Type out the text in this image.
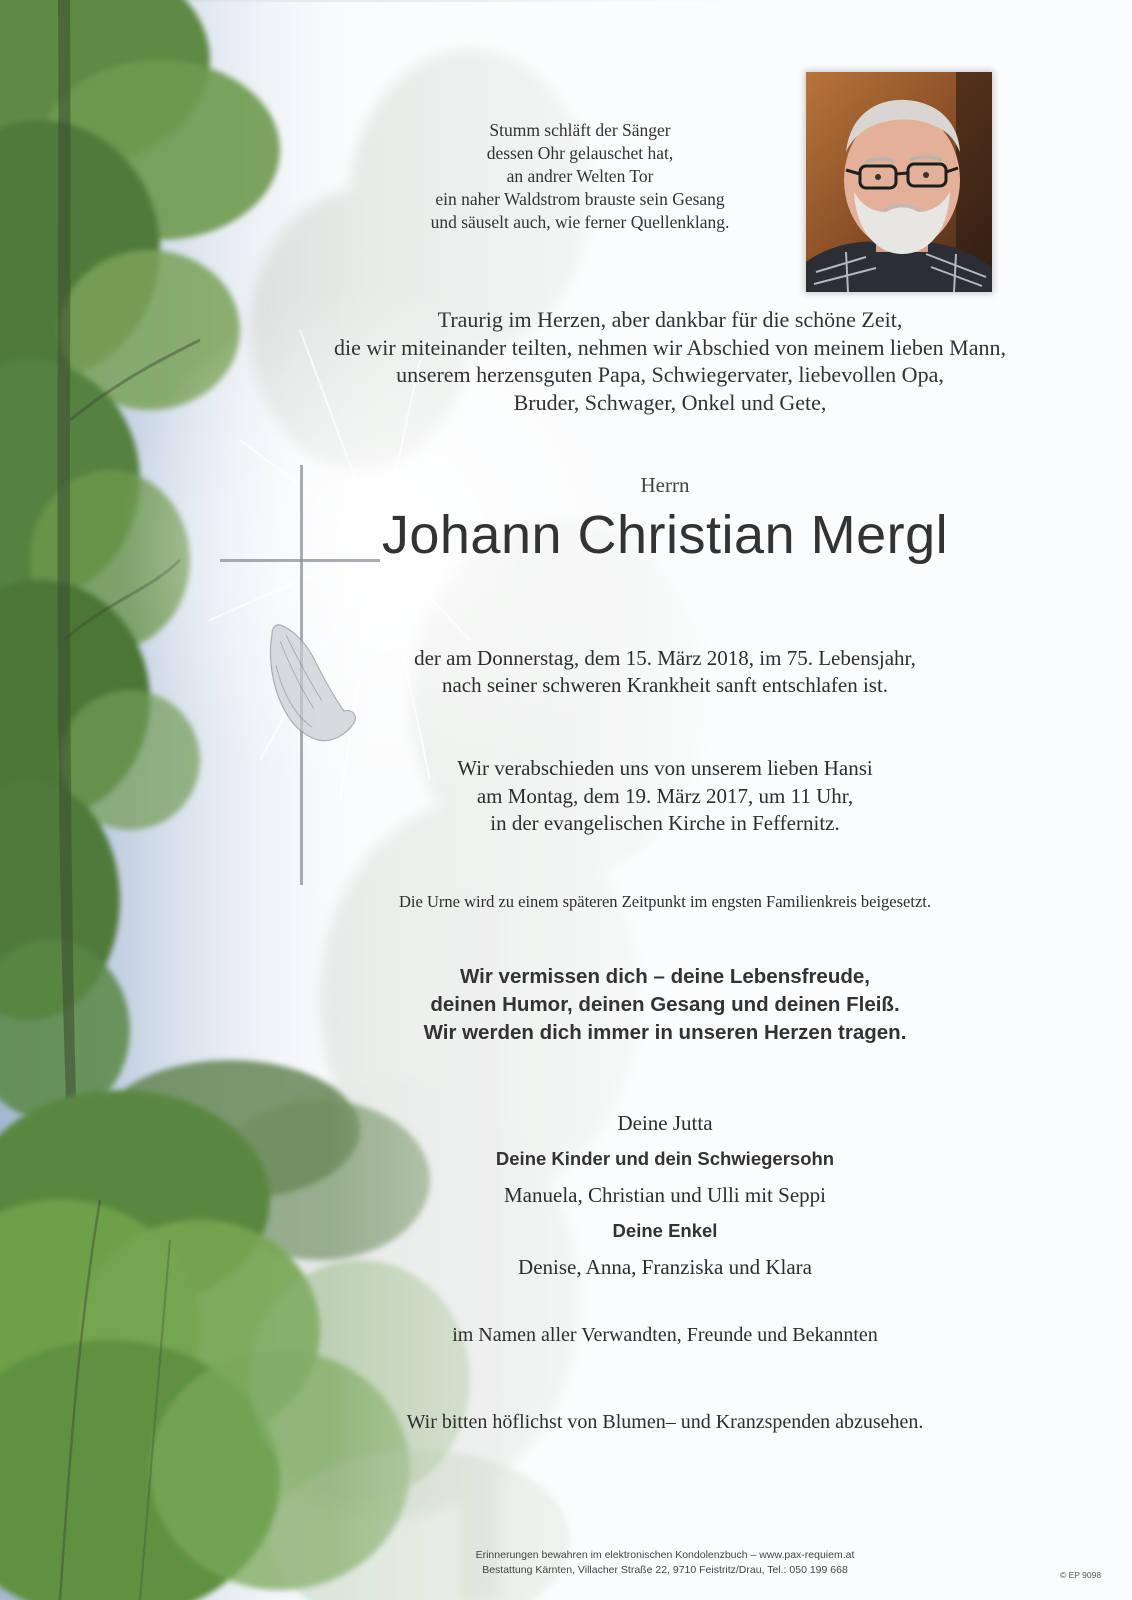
Stumm schläft der Sänger
dessen Ohr gelauschet hat,
an andrer Welten Tor
ein naher Waldstrom brauste sein Gesang
und säuselt auch, wie ferner Quellenklang.
Traurig im Herzen, aber dankbar für die schöne Zeit,
die wir miteinander teilten, nehmen wir Abschied von meinem lieben Mann,
unserem herzensguten Papa, Schwiegervater, liebevollen Opa,
Bruder, Schwager, Onkel und Gete,
Herrn
Johann Christian Mergl
der am Donnerstag, dem 15. März 2018, im 75. Lebensjahr,
nach seiner schweren Krankheit sanft entschlafen ist.
Wir verabschieden uns von unserem lieben Hansi
am Montag, dem 19. März 2017, um 11 Uhr,
in der evangelischen Kirche in Feffernitz.
Die Urne wird zu einem späteren Zeitpunkt im engsten Familienkreis beigesetzt.
Wir vermissen dich – deine Lebensfreude,
deinen Humor, deinen Gesang und deinen Fleiß.
Wir werden dich immer in unseren Herzen tragen.
Deine Jutta
Deine Kinder und dein Schwiegersohn
Manuela, Christian und Ulli mit Seppi
Deine Enkel
Denise, Anna, Franziska und Klara
im Namen aller Verwandten, Freunde und Bekannten
Wir bitten höflichst von Blumen– und Kranzspenden abzusehen.
Erinnerungen bewahren im elektronischen Kondolenzbuch – www.pax-requiem.at
Bestattung Kärnten, Villacher Straße 22, 9710 Feistritz/Drau, Tel.: 050 199 668	© EP 9098
